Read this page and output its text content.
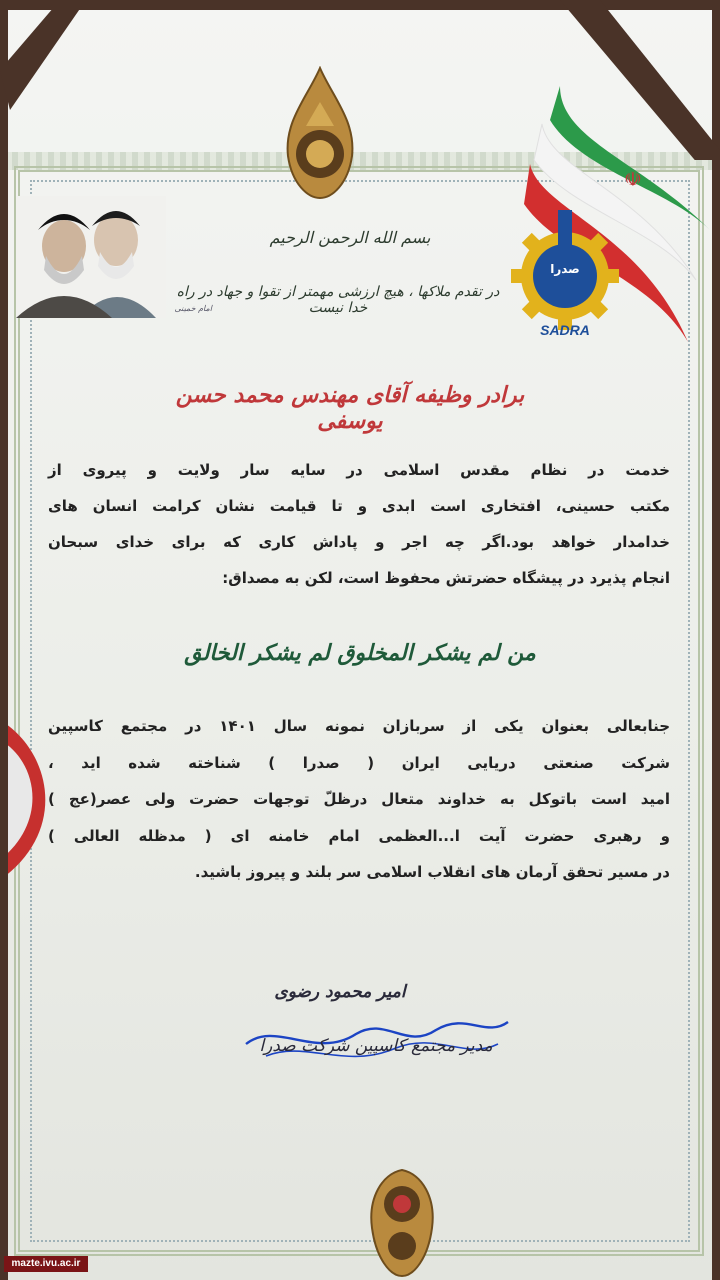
☫
صدرا
SADRA
بسم الله الرحمن الرحیم
در تقدم ملاکها ، هیچ ارزشی مهمتر از تقوا و جهاد در راه خدا نیست
امام خمینی
برادر وظیفه آقای مهندس محمد حسن یوسفی
خدمت در نظام مقدس اسلامی در سایه سار ولایت و پیروی از
مکتب حسینی، افتخاری است ابدی و تا قیامت نشان کرامت انسان های
خدامدار خواهد بود.اگر چه اجر و پاداش کاری که برای خدای سبحان
انجام پذیرد در پیشگاه حضرتش محفوظ است، لکن به مصداق:
من لم یشکر المخلوق لم یشکر الخالق
جنابعالی بعنوان یکی از سربازان نمونه سال ۱۴۰۱ در مجتمع کاسپین
شرکت صنعتی دریایی ایران ( صدرا ) شناخته شده اید ،
امید است باتوکل به خداوند متعال درظلّ توجهات حضرت ولی عصر(عج )
و رهبری حضرت آیت ا...العظمی امام خامنه ای ( مدظله العالی )
در مسیر تحقق آرمان های انقلاب اسلامی سر بلند و پیروز باشید.
امیر محمود رضوی
مدیر مجتمع کاسپین شرکت صدرا
mazte.ivu.ac.ir
